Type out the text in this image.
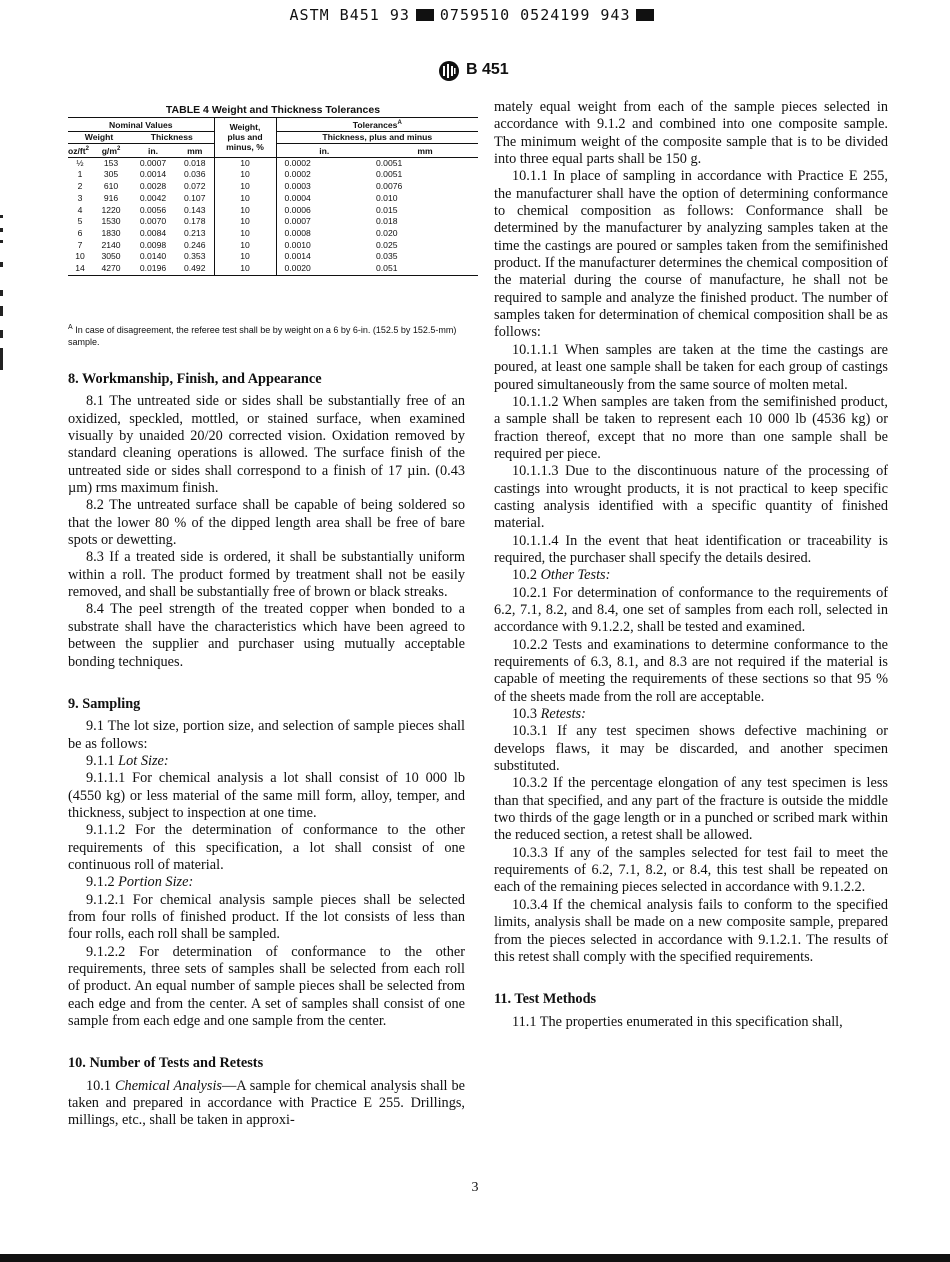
ASTM B451 93 0759510 0524199 943
B 451
TABLE 4 Weight and Thickness Tolerances
Nominal Values				Weight,
plus and
minus, %	Tolerances$^A$
Weight		Thickness			Thickness, plus and minus	
$oz/ft^2$	$g/m^2$	in.	mm		in.	mm
½	153	0.0007	0.018	10	0.0002	0.0051
1	305	0.0014	0.036	10	0.0002	0.0051
2	610	0.0028	0.072	10	0.0003	0.0076
3	916	0.0042	0.107	10	0.0004	0.010
4	1220	0.0056	0.143	10	0.0006	0.015
5	1530	0.0070	0.178	10	0.0007	0.018
6	1830	0.0084	0.213	10	0.0008	0.020
7	2140	0.0098	0.246	10	0.0010	0.025
10	3050	0.0140	0.353	10	0.0014	0.035
14	4270	0.0196	0.492	10	0.0020	0.051
$^A$ In case of disagreement, the referee test shall be by weight on a 6 by 6-in. (152.5 by 152.5-mm) sample.
8. Workmanship, Finish, and Appearance

8.1 The untreated side or sides shall be substantially free of an oxidized, speckled, mottled, or stained surface, when examined visually by unaided 20/20 corrected vision. Oxidation removed by standard cleaning operations is allowed. The surface finish of the untreated side or sides shall correspond to a finish of 17 µin. (0.43 µm) rms maximum finish.

8.2 The untreated surface shall be capable of being soldered so that the lower 80 % of the dipped length area shall be free of bare spots or dewetting.

8.3 If a treated side is ordered, it shall be substantially uniform within a roll. The product formed by treatment shall not be easily removed, and shall be substantially free of brown or black streaks.

8.4 The peel strength of the treated copper when bonded to a substrate shall have the characteristics which have been agreed to between the supplier and purchaser using mutually acceptable bonding techniques.

9. Sampling

9.1 The lot size, portion size, and selection of sample pieces shall be as follows:

9.1.1 Lot Size:

9.1.1.1 For chemical analysis a lot shall consist of 10 000 lb (4550 kg) or less material of the same mill form, alloy, temper, and thickness, subject to inspection at one time.

9.1.1.2 For the determination of conformance to the other requirements of this specification, a lot shall consist of one continuous roll of material.

9.1.2 Portion Size:

9.1.2.1 For chemical analysis sample pieces shall be selected from four rolls of finished product. If the lot consists of less than four rolls, each roll shall be sampled.

9.1.2.2 For determination of conformance to the other requirements, three sets of samples shall be selected from each roll of product. An equal number of sample pieces shall be selected from each edge and from the center. A set of samples shall consist of one sample from each edge and one sample from the center.

10. Number of Tests and Retests

10.1 Chemical Analysis—A sample for chemical analysis shall be taken and prepared in accordance with Practice E 255. Drillings, millings, etc., shall be taken in approxi-

mately equal weight from each of the sample pieces selected in accordance with 9.1.2 and combined into one composite sample. The minimum weight of the composite sample that is to be divided into three equal parts shall be 150 g.

10.1.1 In place of sampling in accordance with Practice E 255, the manufacturer shall have the option of determining conformance to chemical composition as follows: Conformance shall be determined by the manufacturer by analyzing samples taken at the time the castings are poured or samples taken from the semifinished product. If the manufacturer determines the chemical composition of the material during the course of manufacture, he shall not be required to sample and analyze the finished product. The number of samples taken for determination of chemical composition shall be as follows:

10.1.1.1 When samples are taken at the time the castings are poured, at least one sample shall be taken for each group of castings poured simultaneously from the same source of molten metal.

10.1.1.2 When samples are taken from the semifinished product, a sample shall be taken to represent each 10 000 lb (4536 kg) or fraction thereof, except that no more than one sample shall be required per piece.

10.1.1.3 Due to the discontinuous nature of the processing of castings into wrought products, it is not practical to keep specific casting analysis identified with a specific quantity of finished material.

10.1.1.4 In the event that heat identification or traceability is required, the purchaser shall specify the details desired.

10.2 Other Tests:

10.2.1 For determination of conformance to the requirements of 6.2, 7.1, 8.2, and 8.4, one set of samples from each roll, selected in accordance with 9.1.2.2, shall be tested and examined.

10.2.2 Tests and examinations to determine conformance to the requirements of 6.3, 8.1, and 8.3 are not required if the material is capable of meeting the requirements of these sections so that 95 % of the sheets made from the roll are acceptable.

10.3 Retests:

10.3.1 If any test specimen shows defective machining or develops flaws, it may be discarded, and another specimen substituted.

10.3.2 If the percentage elongation of any test specimen is less than that specified, and any part of the fracture is outside the middle two thirds of the gage length or in a punched or scribed mark within the reduced section, a retest shall be allowed.

10.3.3 If any of the samples selected for test fail to meet the requirements of 6.2, 7.1, 8.2, or 8.4, this test shall be repeated on each of the remaining pieces selected in accordance with 9.1.2.2.

10.3.4 If the chemical analysis fails to conform to the specified limits, analysis shall be made on a new composite sample, prepared from the pieces selected in accordance with 9.1.2.1. The results of this retest shall comply with the specified requirements.

11. Test Methods

11.1 The properties enumerated in this specification shall,

3
